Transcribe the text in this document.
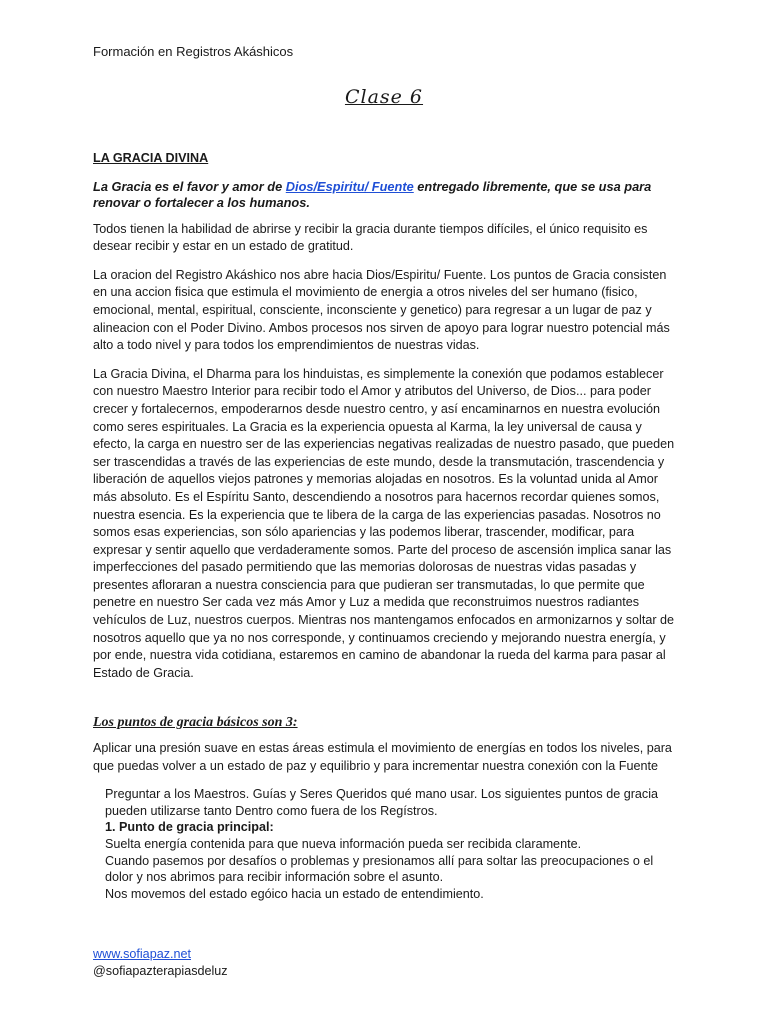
Formación en Registros Akáshicos
Clase 6
LA GRACIA DIVINA
La Gracia es el favor y amor de Dios/Espiritu/ Fuente entregado libremente, que se usa para renovar o fortalecer a los humanos.

Todos tienen la habilidad de abrirse y recibir la gracia durante tiempos difíciles, el único requisito es desear recibir y estar en un estado de gratitud.

La oracion del Registro Akáshico nos abre hacia Dios/Espiritu/ Fuente. Los puntos de Gracia consisten en una accion fisica que estimula el movimiento de energia a otros niveles del ser humano (fisico, emocional, mental, espiritual, consciente, inconsciente y genetico) para regresar a un lugar de paz y alineacion con el Poder Divino. Ambos procesos nos sirven de apoyo para lograr nuestro potencial más alto a todo nivel y para todos los emprendimientos de nuestras vidas.

La Gracia Divina, el Dharma para los hinduistas, es simplemente la conexión que podamos establecer con nuestro Maestro Interior para recibir todo el Amor y atributos del Universo, de Dios... para poder crecer y fortalecernos, empoderarnos desde nuestro centro, y así encaminarnos en nuestra evolución como seres espirituales. La Gracia es la experiencia opuesta al Karma, la ley universal de causa y efecto, la carga en nuestro ser de las experiencias negativas realizadas de nuestro pasado, que pueden ser trascendidas a través de las experiencias de este mundo, desde la transmutación, trascendencia y liberación de aquellos viejos patrones y memorias alojadas en nosotros. Es la voluntad unida al Amor más absoluto. Es el Espíritu Santo, descendiendo a nosotros para hacernos recordar quienes somos, nuestra esencia. Es la experiencia que te libera de la carga de las experiencias pasadas. Nosotros no somos esas experiencias, son sólo apariencias y las podemos liberar, trascender, modificar, para expresar y sentir aquello que verdaderamente somos. Parte del proceso de ascensión implica sanar las imperfecciones del pasado permitiendo que las memorias dolorosas de nuestras vidas pasadas y presentes afloraran a nuestra consciencia para que pudieran ser transmutadas, lo que permite que penetre en nuestro Ser cada vez más Amor y Luz a medida que reconstruimos nuestros radiantes vehículos de Luz, nuestros cuerpos. Mientras nos mantengamos enfocados en armonizarnos y soltar de nosotros aquello que ya no nos corresponde, y continuamos creciendo y mejorando nuestra energía, y por ende, nuestra vida cotidiana, estaremos en camino de abandonar la rueda del karma para pasar al Estado de Gracia.

Los puntos de gracia básicos son 3:

Aplicar una presión suave en estas áreas estimula el movimiento de energías en todos los niveles, para que puedas volver a un estado de paz y equilibrio y para incrementar nuestra conexión con la Fuente

Preguntar a los Maestros. Guías y Seres Queridos qué mano usar. Los siguientes puntos de gracia pueden utilizarse tanto Dentro como fuera de los Regístros.
1. Punto de gracia principal:
Suelta energía contenida para que nueva información pueda ser recibida claramente.
Cuando pasemos por desafíos o problemas y presionamos allí para soltar las preocupaciones o el dolor y nos abrimos para recibir información sobre el asunto.
Nos movemos del estado egóico hacia un estado de entendimiento.
www.sofiapaz.net
@sofiapazterapiasdeluz
